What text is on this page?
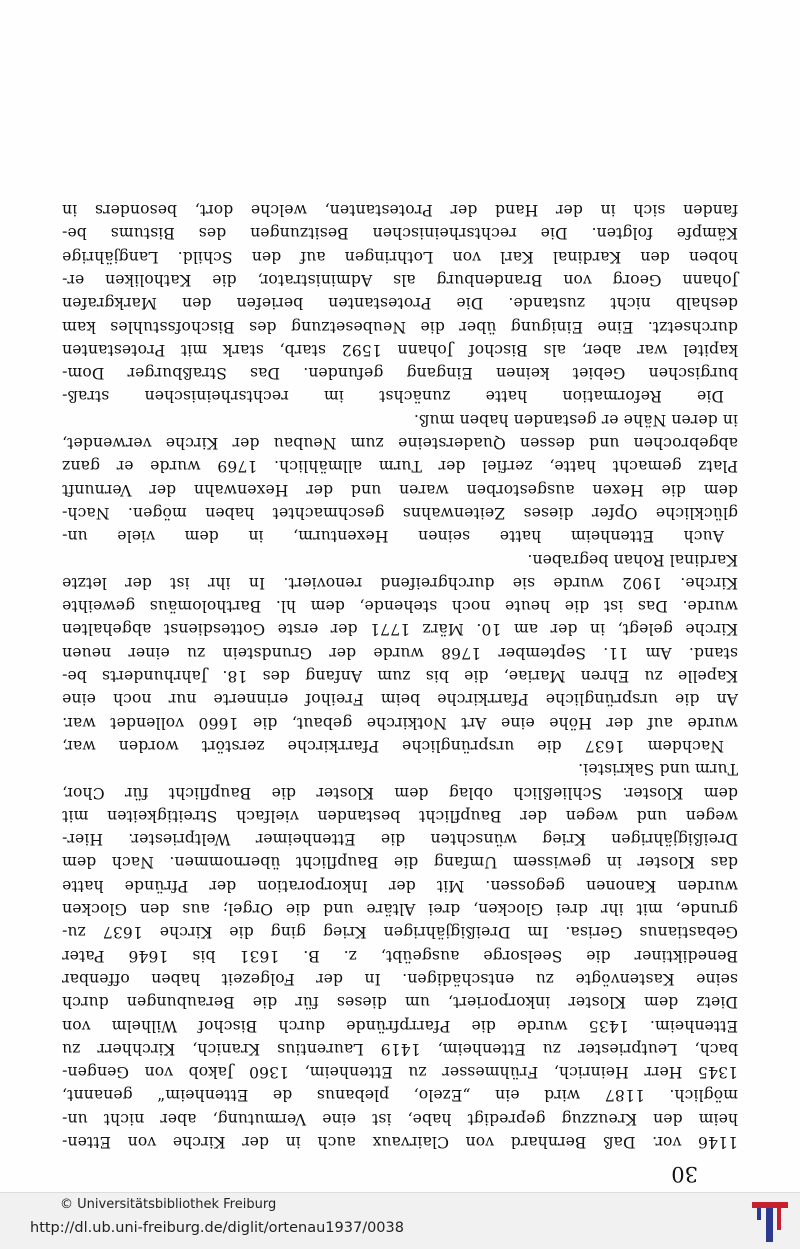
30
1146 vor. Daß Bernhard von Clairvaux auch in der Kirche von Etten-
heim den Kreuzzug gepredigt habe, ist eine Vermutung, aber nicht un-
möglich. 1187 wird ein „Ezelo, plebanus de Ettenheim“ genannt,
1345 Herr Heinrich, Frühmesser zu Ettenheim, 1360 Jakob von Gengen-
bach, Leutpriester zu Ettenheim, 1419 Laurentius Kranich, Kirchherr zu
Ettenheim. 1435 wurde die Pfarrpfründe durch Bischof Wilhelm von
Dietz dem Kloster inkorporiert, um dieses für die Beraubungen durch
seine Kastenvögte zu entschädigen. In der Folgezeit haben offenbar
Benediktiner die Seelsorge ausgeübt, z. B. 1631 bis 1646 Pater
Gebastianus Gerisa. Im Dreißigjährigen Krieg ging die Kirche 1637 zu-
grunde, mit ihr drei Glocken, drei Altäre und die Orgel; aus den Glocken
wurden Kanonen gegossen. Mit der Inkorporation der Pfründe hatte
das Kloster in gewissem Umfang die Baupflicht übernommen. Nach dem
Dreißigjährigen Krieg wünschten die Ettenheimer Weltpriester. Hier-
wegen und wegen der Baupflicht bestanden vielfach Streitigkeiten mit
dem Kloster. Schließlich oblag dem Kloster die Baupflicht für Chor,
Turm und Sakristei.
Nachdem 1637 die ursprüngliche Pfarrkirche zerstört worden war,
wurde auf der Höhe eine Art Notkirche gebaut, die 1660 vollendet war.
An die ursprüngliche Pfarrkirche beim Freihof erinnerte nur noch eine
Kapelle zu Ehren Mariae, die bis zum Anfang des 18. Jahrhunderts be-
stand. Am 11. September 1768 wurde der Grundstein zu einer neuen
Kirche gelegt, in der am 10. März 1771 der erste Gottesdienst abgehalten
wurde. Das ist die heute noch stehende, dem hl. Bartholomäus geweihte
Kirche. 1902 wurde sie durchgreifend renoviert. In ihr ist der letzte
Kardinal Rohan begraben.
Auch Ettenheim hatte seinen Hexenturm, in dem viele un-
glückliche Opfer dieses Zeitenwahns geschmachtet haben mögen. Nach-
dem die Hexen ausgestorben waren und der Hexenwahn der Vernunft
Platz gemacht hatte, zerfiel der Turm allmählich. 1769 wurde er ganz
abgebrochen und dessen Quadersteine zum Neubau der Kirche verwendet,
in deren Nähe er gestanden haben muß.
Die Reformation hatte zunächst im rechtsrheinischen straß-
burgischen Gebiet keinen Eingang gefunden. Das Straßburger Dom-
kapitel war aber, als Bischof Johann 1592 starb, stark mit Protestanten
durchsetzt. Eine Einigung über die Neubesetzung des Bischofsstuhles kam
deshalb nicht zustande. Die Protestanten beriefen den Markgrafen
Johann Georg von Brandenburg als Administrator, die Katholiken er-
hoben den Kardinal Karl von Lothringen auf den Schild. Langjährige
Kämpfe folgten. Die rechtsrheinischen Besitzungen des Bistums be-
fanden sich in der Hand der Protestanten, welche dort, besonders in
© Universitätsbibliothek Freiburg
http://dl.ub.uni-freiburg.de/diglit/ortenau1937/0038
